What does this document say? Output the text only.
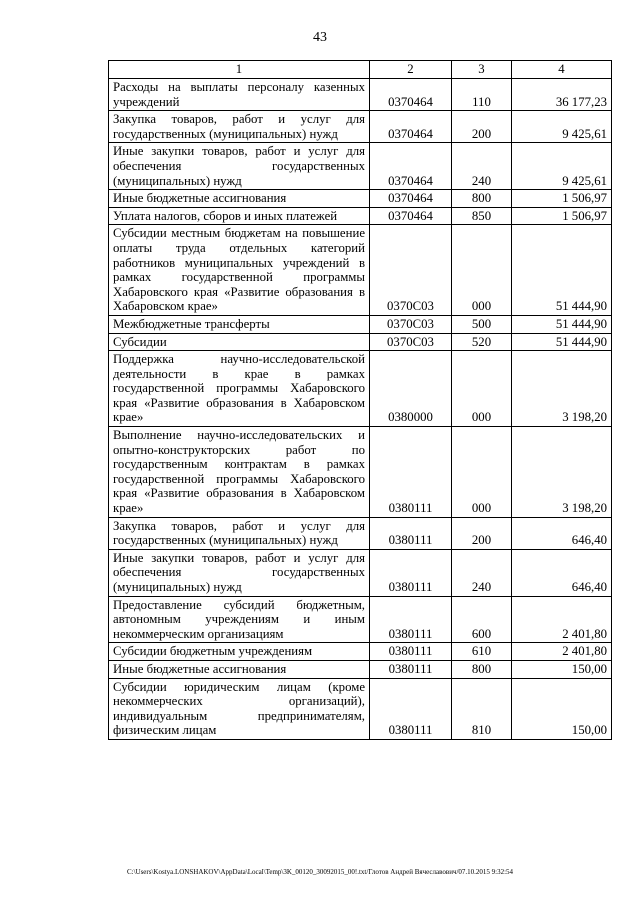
43
1	2	3	4
Расходы на выплаты персоналу казенных учреждений	0370464	110	36 177,23
Закупка товаров, работ и услуг для государственных (муниципальных) нужд	0370464	200	9 425,61
Иные закупки товаров, работ и услуг для обеспечения государственных (муниципальных) нужд	0370464	240	9 425,61
Иные бюджетные ассигнования	0370464	800	1 506,97
Уплата налогов, сборов и иных платежей	0370464	850	1 506,97
Субсидии местным бюджетам на повышение оплаты труда отдельных категорий работников муниципальных учреждений в рамках государственной программы Хабаровского края «Развитие образования в Хабаровском крае»	0370С03	000	51 444,90
Межбюджетные трансферты	0370С03	500	51 444,90
Субсидии	0370С03	520	51 444,90
Поддержка научно-исследовательской деятельности в крае в рамках государственной программы Хабаровского края «Развитие образования в Хабаровском крае»	0380000	000	3 198,20
Выполнение научно-исследовательских и опытно-конструкторских работ по государственным контрактам в рамках государственной программы Хабаровского края «Развитие образования в Хабаровском крае»	0380111	000	3 198,20
Закупка товаров, работ и услуг для государственных (муниципальных) нужд	0380111	200	646,40
Иные закупки товаров, работ и услуг для обеспечения государственных (муниципальных) нужд	0380111	240	646,40
Предоставление субсидий бюджетным, автономным учреждениям и иным некоммерческим организациям	0380111	600	2 401,80
Субсидии бюджетным учреждениям	0380111	610	2 401,80
Иные бюджетные ассигнования	0380111	800	150,00
Субсидии юридическим лицам (кроме некоммерческих организаций), индивидуальным предпринимателям, физическим лицам	0380111	810	150,00
C:\Users\Kostya.LONSHAKOV\AppData\Local\Temp\3K_00120_30092015_00!.txt/Глотов Андрей Вячеславович/07.10.2015 9:32:54
